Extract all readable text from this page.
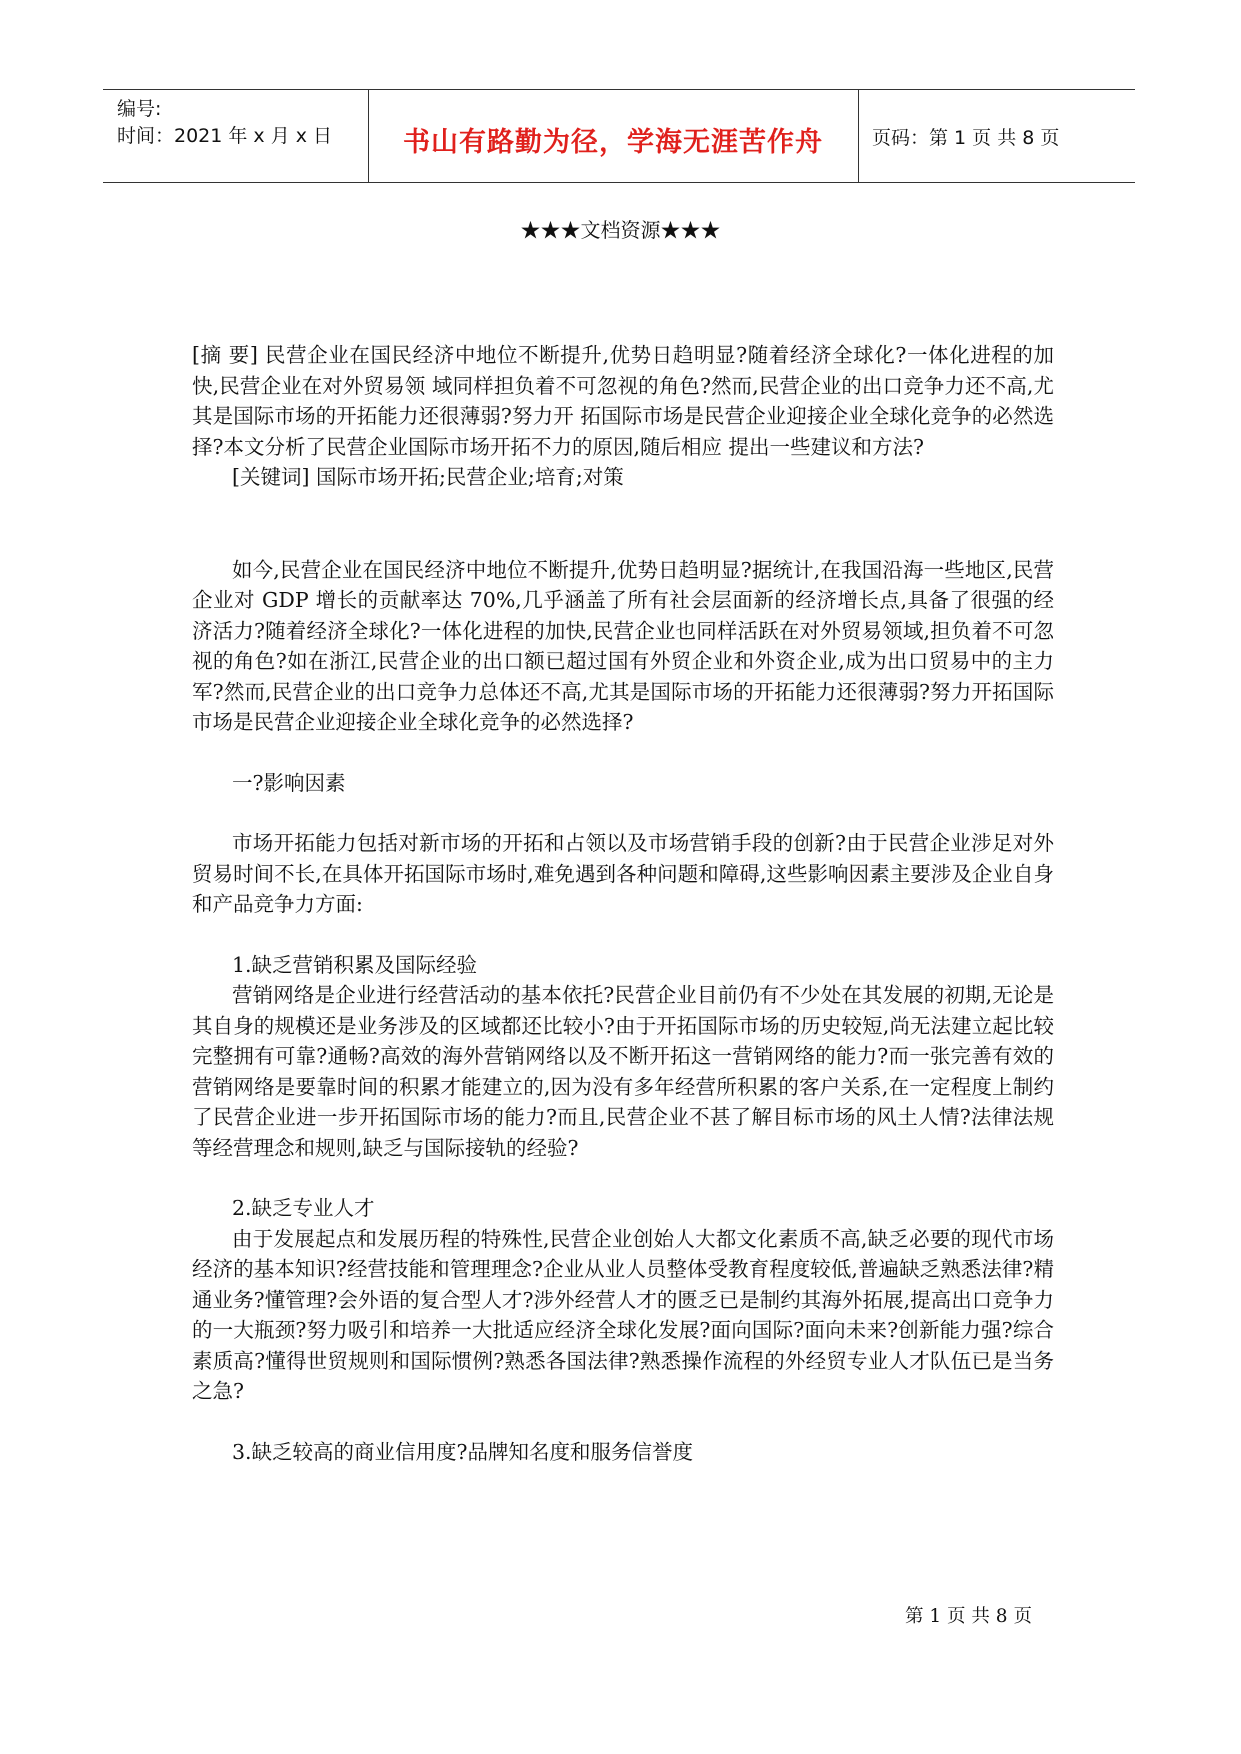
编号:
时间：2021 年 x 月 x 日	书山有路勤为径，学海无涯苦作舟	页码：第 1 页 共 8 页
★★★文档资源★★★

[摘 要] 民营企业在国民经济中地位不断提升,优势日趋明显?随着经济全球化?一体化进程的加快,民营企业在对外贸易领 域同样担负着不可忽视的角色?然而,民营企业的出口竞争力还不高,尤其是国际市场的开拓能力还很薄弱?努力开 拓国际市场是民营企业迎接企业全球化竞争的必然选择?本文分析了民营企业国际市场开拓不力的原因,随后相应 提出一些建议和方法?

[关键词] 国际市场开拓;民营企业;培育;对策

如今,民营企业在国民经济中地位不断提升,优势日趋明显?据统计,在我国沿海一些地区,民营企业对 GDP 增长的贡献率达 70%,几乎涵盖了所有社会层面新的经济增长点,具备了很强的经济活力?随着经济全球化?一体化进程的加快,民营企业也同样活跃在对外贸易领域,担负着不可忽视的角色?如在浙江,民营企业的出口额已超过国有外贸企业和外资企业,成为出口贸易中的主力军?然而,民营企业的出口竞争力总体还不高,尤其是国际市场的开拓能力还很薄弱?努力开拓国际市场是民营企业迎接企业全球化竞争的必然选择?

一?影响因素

市场开拓能力包括对新市场的开拓和占领以及市场营销手段的创新?由于民营企业涉足对外贸易时间不长,在具体开拓国际市场时,难免遇到各种问题和障碍,这些影响因素主要涉及企业自身和产品竞争力方面:

1.缺乏营销积累及国际经验

营销网络是企业进行经营活动的基本依托?民营企业目前仍有不少处在其发展的初期,无论是其自身的规模还是业务涉及的区域都还比较小?由于开拓国际市场的历史较短,尚无法建立起比较完整拥有可靠?通畅?高效的海外营销网络以及不断开拓这一营销网络的能力?而一张完善有效的营销网络是要靠时间的积累才能建立的,因为没有多年经营所积累的客户关系,在一定程度上制约了民营企业进一步开拓国际市场的能力?而且,民营企业不甚了解目标市场的风土人情?法律法规等经营理念和规则,缺乏与国际接轨的经验?

2.缺乏专业人才

由于发展起点和发展历程的特殊性,民营企业创始人大都文化素质不高,缺乏必要的现代市场经济的基本知识?经营技能和管理理念?企业从业人员整体受教育程度较低,普遍缺乏熟悉法律?精通业务?懂管理?会外语的复合型人才?涉外经营人才的匮乏已是制约其海外拓展,提高出口竞争力的一大瓶颈?努力吸引和培养一大批适应经济全球化发展?面向国际?面向未来?创新能力强?综合素质高?懂得世贸规则和国际惯例?熟悉各国法律?熟悉操作流程的外经贸专业人才队伍已是当务之急?

3.缺乏较高的商业信用度?品牌知名度和服务信誉度

第 1 页 共 8 页
